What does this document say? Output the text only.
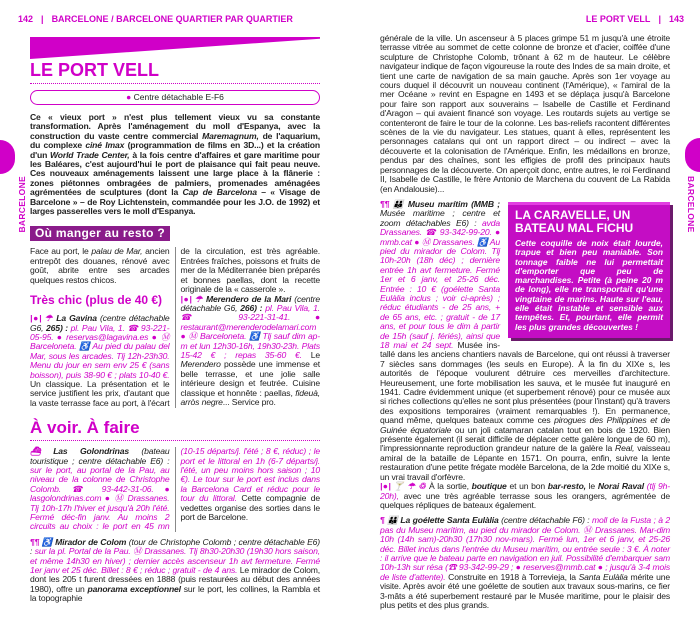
BARCELONE	BARCELONE
142 | BARCELONE / BARCELONE QUARTIER PAR QUARTIER
LE PORT VELL
● Centre détachable E-F6
Ce « vieux port » n'est plus tellement vieux vu sa constante transformation. Après l'aménagement du moll d'Espanya, avec la construction du vaste centre commercial Maremagnum, de l'aquarium, du complexe ciné Imax (programmation de films en 3D...) et la création d'un World Trade Center, à la fois centre d'affaires et gare maritime pour les Baléares, c'est aujourd'hui le port de plaisance qui fait peau neuve. Ces nouveaux aménagements laissent une large place à la flânerie : zones piétonnes ombragées de palmiers, promenades aménagées agrémentées de sculptures (dont la Cap de Barcelona – « Visage de Barcelone » – de Roy Lichtenstein, commandée pour les J.O. de 1992) et larges passerelles vers le moll d'Espanya.
Où manger au resto ?
Face au port, le palau de Mar, ancien entrepôt des douanes, rénové avec goût, abrite entre ses arcades quelques restos chicos.
Très chic (plus de 40 €)
|●| ☂ La Gavina (centre détachable G6, 265) : pl. Pau Vila, 1. ☎ 93-221-05-95. ● reservas@lagavina.es ● Ⓜ Barceloneta. ♿ Au pied du palau del Mar, sous les arcades. Tlj 12h-23h30. Menu du jour en sem env 25 € (sans boisson), puis 38-90 € ; plats 10-40 €. Un classique. La présentation et le service justifient les prix, d'autant que la vaste terrasse face au port, à l'écart de la circulation, est très agréable. Entrées fraîches, poissons et fruits de mer de la Méditerranée bien préparés et bonnes paellas, dont la recette originale de la « casserole ».
|●| ☂ Merendero de la Mari (centre détachable G6, 266) : pl. Pau Vila, 1. ☎ 93-221-31-41. ● restaurant@merenderodelamari.com ● Ⓜ Barceloneta. ♿ Tlj sauf dim ap-m et lun 12h30-16h, 19h30-23h. Plats 15-42 € ; repas 35-60 €. Le Merendero possède une immense et belle terrasse, et une jolie salle intérieure design et feutrée. Cuisine classique et honnête : paellas, fideuà, arròs negre... Service pro.
À voir. À faire
⛴ Las Golondrinas (bateau touristique ; centre détachable E6) : sur le port, au portal de la Pau, au niveau de la colonne de Christophe Colomb. ☎ 93-442-31-06. ● lasgolondrinas.com ● Ⓜ Drassanes. Tlj 10h-17h l'hiver et jusqu'à 20h l'été. Fermé déc-fin janv. Au moins 2 circuits au choix : le port en 45 mn (10-15 départs/j. l'été ; 8 €, réduc) ; le port et le littoral en 1h (6-7 départs/j. l'été, un peu moins hors saison ; 10 €). Le tour sur le port est inclus dans la Barcelona Card et réduc pour le tour du littoral. Cette compagnie de vedettes organise des sorties dans le port de Barcelone.
¶¶ ♿ Mirador de Colom (tour de Christophe Colomb ; centre détachable E6) : sur la pl. Portal de la Pau. Ⓜ Drassanes. Tlj 8h30-20h30 (19h30 hors saison, et même 14h30 en hiver) ; dernier accès ascenseur 1h avt fermeture. Fermé 1er janv et 25 déc. Billet : 8 € ; réduc ; gratuit - de 4 ans. Le mirador de Colom, dont les 205 t furent dressées en 1888 (puis restaurées au début des années 1980), offre un panorama exceptionnel sur le port, les collines, la Rambla et la topographie
LE PORT VELL | 143
générale de la ville. Un ascenseur à 5 places grimpe 51 m jusqu'à une étroite terrasse vitrée au sommet de cette colonne de bronze et d'acier, coiffée d'une sculpture de Christophe Colomb, trônant à 62 m de hauteur. Le célèbre navigateur indique de façon vigoureuse la route des Indes de sa main droite, et tient une carte de navigation de sa main gauche. Après son 1er voyage au cours duquel il découvrit un nouveau continent (l'Amérique), « l'amiral de la mer Océane » revint en Espagne en 1493 et se déplaça jusqu'à Barcelone pour faire son rapport aux souverains – Isabelle de Castille et Ferdinand d'Aragon – qui avaient financé son voyage. Les routards sujets au vertige se contenteront de faire le tour de la colonne. Les bas-reliefs racontent différentes scènes de la vie du navigateur. Les statues, quant à elles, représentent les personnages catalans qui ont un rapport direct – ou indirect – avec la découverte et la colonisation de l'Amérique. Enfin, les médaillons en bronze, pendus par des chaînes, sont les effigies de profil des principaux hauts personnages de la découverte. On aperçoit donc, entre autres, le roi Ferdinand II, Isabelle de Castille, le frère Antonio de Marchena du couvent de La Rabida (en Andalousie)...
LA CARAVELLE, UN BATEAU MAL FICHU
Cette coquille de noix était lourde, trapue et bien peu maniable. Son tonnage faible ne lui permettait d'emporter que peu de marchandises. Petite (à peine 20 m de long), elle ne transportait qu'une vingtaine de marins. Haute sur l'eau, elle était instable et sensible aux tempêtes. Et, pourtant, elle permit les plus grandes découvertes !
¶¶ 👪 Museu marítim (MMB ; Musée maritime ; centre et zoom détachables E6) : avda Drassanes. ☎ 93-342-99-20. ● mmb.cat ● Ⓜ Drassanes. ♿ Au pied du mirador de Colom. Tlj 10h-20h (18h déc) ; dernière entrée 1h avt fermeture. Fermé 1er et 6 janv, et 25-26 déc. Entrée : 10 € (goélette Santa Eulàlia inclus ; voir ci-après) ; réduc étudiants - de 25 ans, + de 65 ans, etc. ; gratuit - de 17 ans, et pour tous le dim à partir de 15h (sauf j. fériés), ainsi que 18 mai et 24 sept. Musée ins-tallé dans les anciens chantiers navals de Barcelone, qui ont réussi à traverser 7 siècles sans dommages (les seuls en Europe). À la fin du XIXe s, les autorités de l'époque voulurent détruire ces merveilles d'architecture. Heureusement, une forte mobilisation les sauva, et le musée fut inauguré en 1941. Cadre évidemment unique (et superbement rénové) pour ce musée aux si riches collections qu'elles ne sont plus présentées (pour l'instant) qu'à travers des expositions temporaires (vraiment remarquables !). En permanence, quand même, quelques bateaux comme ces pirogues des Philippines et de Guinée équatoriale ou un joli catamaran catalan tout en bois de 1920. Bien présente également (il serait difficile de déplacer cette galère longue de 60 m), l'impressionnante reproduction grandeur nature de la galère la Real, vaisseau amiral de la bataille de Lépante en 1571. On pourra, enfin, suivre la lente restauration d'une petite frégate modèle Barcelona, de la 2de moitié du XIXe s, un vrai travail d'orfèvre.
|●| 🍸 ☂ ♲ À la sortie, boutique et un bon bar-resto, le Norai Raval (tlj 9h-20h), avec une très agréable terrasse sous les orangers, agrémentée de quelques répliques de bateaux également.
¶ 👪 La goélette Santa Eulàlia (centre détachable F6) : moll de la Fusta ; à 2 pas du Museu marítim, au pied du mirador de Colom. Ⓜ Drassanes. Mar-dim 10h (14h sam)-20h30 (17h30 nov-mars). Fermé lun, 1er et 6 janv, et 25-26 déc. Billet inclus dans l'entrée du Museu marítim, ou entrée seule : 3 €. À noter : il arrive que le bateau parte en navigation en juil. Possibilité d'embarquer sam 10h-13h sur résa (☎ 93-342-99-29 ; ● reserves@mmb.cat ● ; jusqu'à 3-4 mois de liste d'attente). Construite en 1918 à Torrevieja, la Santa Eulàlia mérite une visite. Après avoir été une goélette de soutien aux travaux sous-marins, ce fier 3-mâts a été superbement restauré par le Musée maritime, pour le plaisir des plus petits et des plus grands.
